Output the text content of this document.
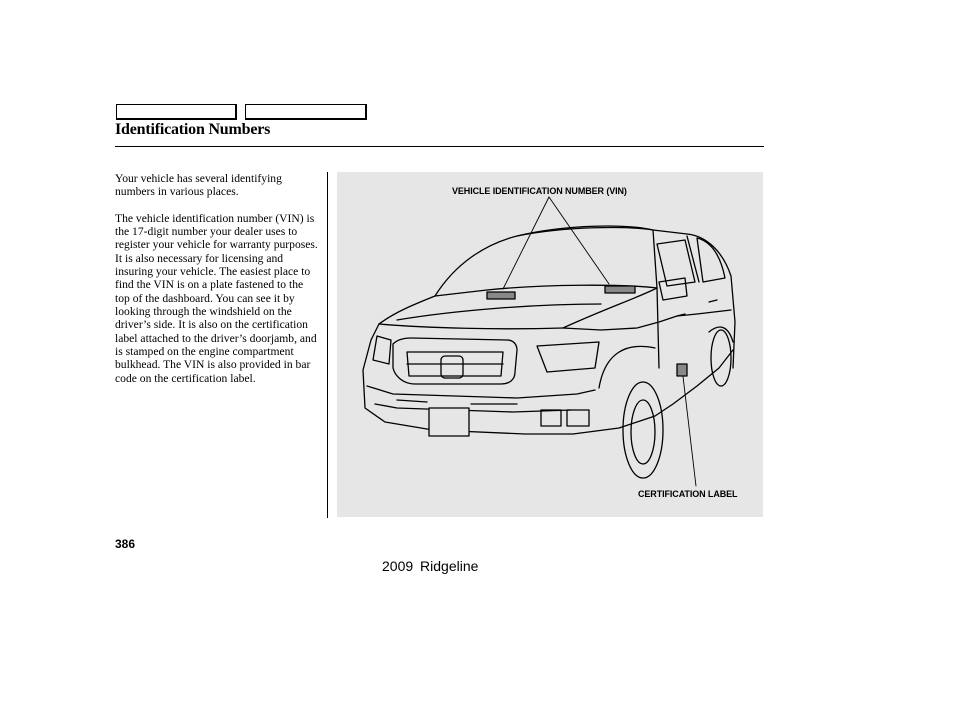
Identification Numbers

Your vehicle has several identifying numbers in various places.

The vehicle identification number (VIN) is the 17-digit number your dealer uses to register your vehicle for warranty purposes. It is also necessary for licensing and insuring your vehicle. The easiest place to find the VIN is on a plate fastened to the top of the dashboard. You can see it by looking through the windshield on the driver’s side. It is also on the certification label attached to the driver’s doorjamb, and is stamped on the engine compartment bulkhead. The VIN is also provided in bar code on the certification label.

VEHICLE IDENTIFICATION NUMBER (VIN)
CERTIFICATION LABEL
386
2009 Ridgeline
